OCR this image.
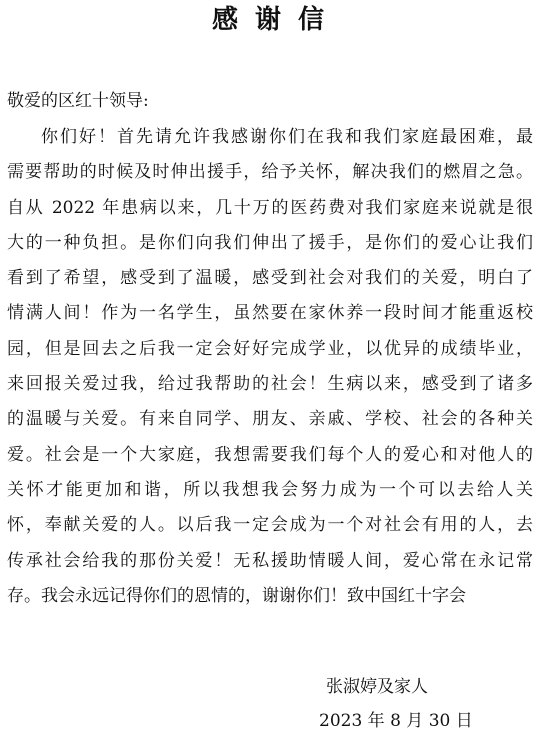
感 谢 信
敬爱的区红十领导:
你们好！首先请允许我感谢你们在我和我们家庭最困难，最
需要帮助的时候及时伸出援手，给予关怀，解决我们的燃眉之急。
自从 2022 年患病以来，几十万的医药费对我们家庭来说就是很
大的一种负担。是你们向我们伸出了援手，是你们的爱心让我们
看到了希望，感受到了温暖，感受到社会对我们的关爱，明白了
情满人间！作为一名学生，虽然要在家休养一段时间才能重返校
园，但是回去之后我一定会好好完成学业，以优异的成绩毕业，
来回报关爱过我，给过我帮助的社会！生病以来，感受到了诸多
的温暖与关爱。有来自同学、朋友、亲戚、学校、社会的各种关
爱。社会是一个大家庭，我想需要我们每个人的爱心和对他人的
关怀才能更加和谐，所以我想我会努力成为一个可以去给人关
怀，奉献关爱的人。以后我一定会成为一个对社会有用的人，去
传承社会给我的那份关爱！无私援助情暖人间，爱心常在永记常
存。我会永远记得你们的恩情的，谢谢你们！致中国红十字会
张淑婷及家人
2023 年 8 月 30 日
